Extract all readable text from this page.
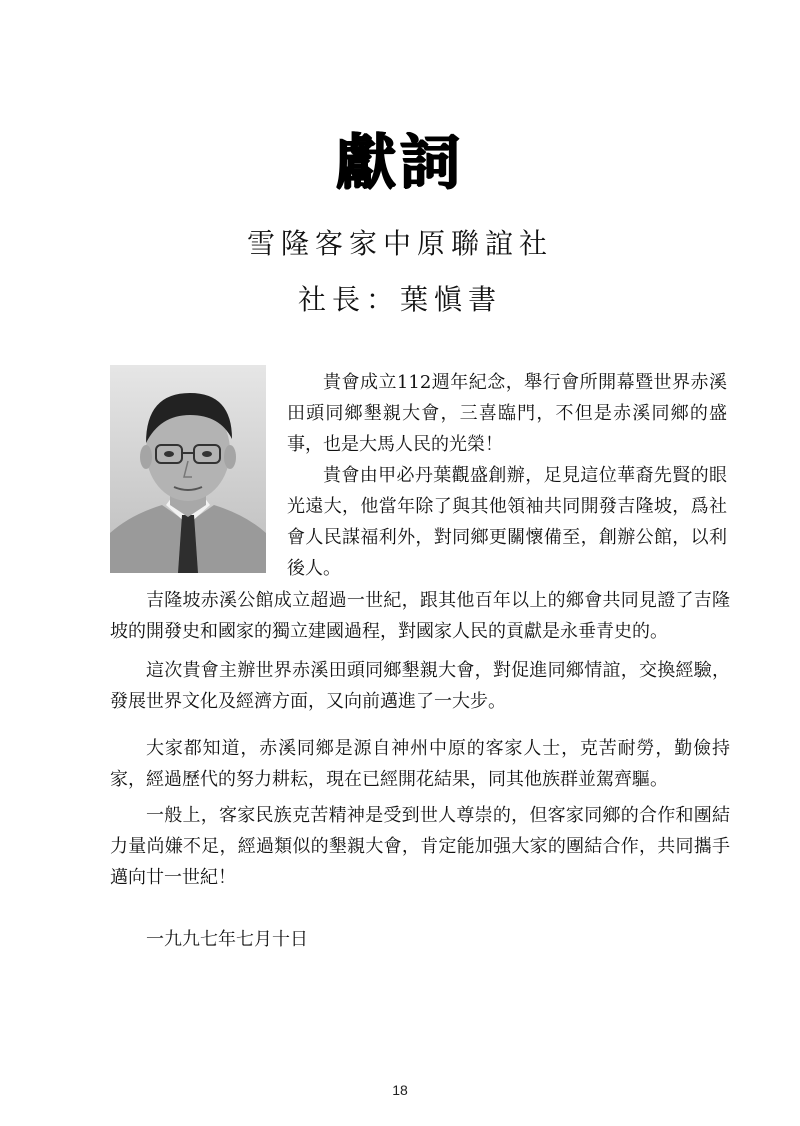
獻詞
雪隆客家中原聯誼社
社長：葉愼書

貴會成立112週年紀念，舉行會所開幕暨世界赤溪田頭同鄉墾親大會，三喜臨門，不但是赤溪同鄉的盛事，也是大馬人民的光榮！

貴會由甲必丹葉觀盛創辦，足見這位華裔先賢的眼光遠大，他當年除了與其他領袖共同開發吉隆坡，爲社會人民謀福利外，對同鄉更關懷備至，創辦公館，以利後人。

吉隆坡赤溪公館成立超過一世紀，跟其他百年以上的鄉會共同見證了吉隆坡的開發史和國家的獨立建國過程，對國家人民的貢獻是永垂青史的。

這次貴會主辦世界赤溪田頭同鄉墾親大會，對促進同鄉情誼，交換經驗，發展世界文化及經濟方面，又向前邁進了一大步。

大家都知道，赤溪同鄉是源自神州中原的客家人士，克苦耐勞，勤儉持家，經過歷代的努力耕耘，現在已經開花結果，同其他族群並駕齊驅。

一般上，客家民族克苦精神是受到世人尊崇的，但客家同鄉的合作和團結力量尚嫌不足，經過類似的墾親大會，肯定能加强大家的團結合作，共同攜手邁向廿一世紀！

一九九七年七月十日

18
